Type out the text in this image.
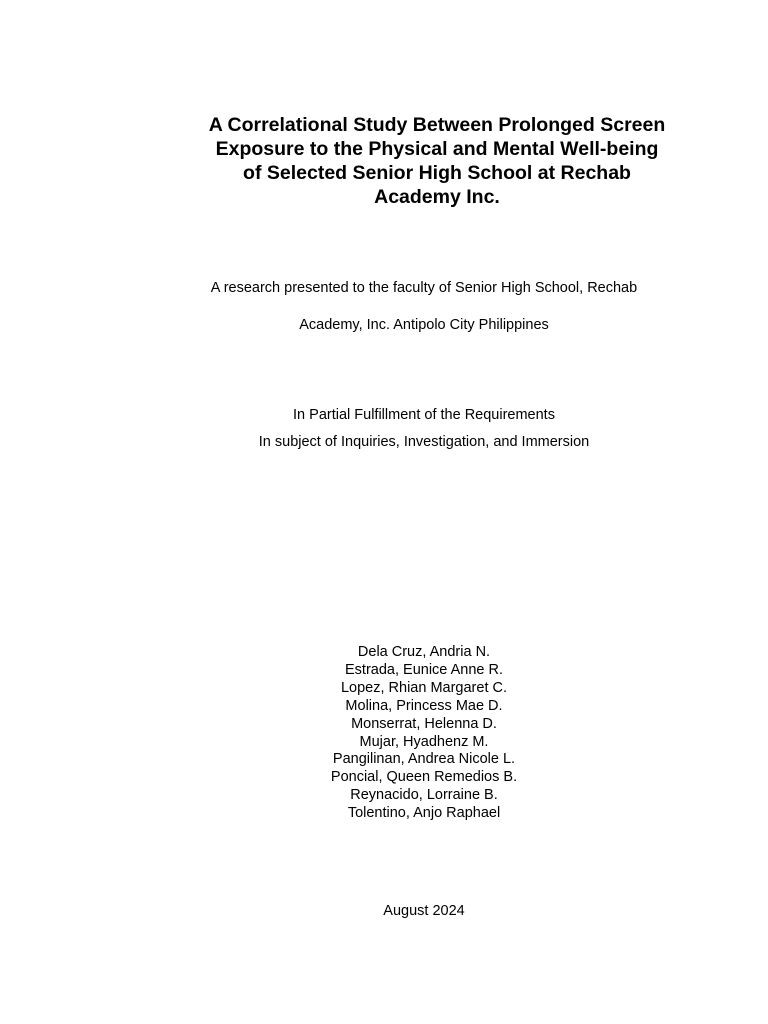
A Correlational Study Between Prolonged Screen
Exposure to the Physical and Mental Well-being
of Selected Senior High School at Rechab
Academy Inc.
A research presented to the faculty of Senior High School, Rechab
Academy, Inc. Antipolo City Philippines
In Partial Fulfillment of the Requirements
In subject of Inquiries, Investigation, and Immersion
Dela Cruz, Andria N.
Estrada, Eunice Anne R.
Lopez, Rhian Margaret C.
Molina, Princess Mae D.
Monserrat, Helenna D.
Mujar, Hyadhenz M.
Pangilinan, Andrea Nicole L.
Poncial, Queen Remedios B.
Reynacido, Lorraine B.
Tolentino, Anjo Raphael
August 2024
